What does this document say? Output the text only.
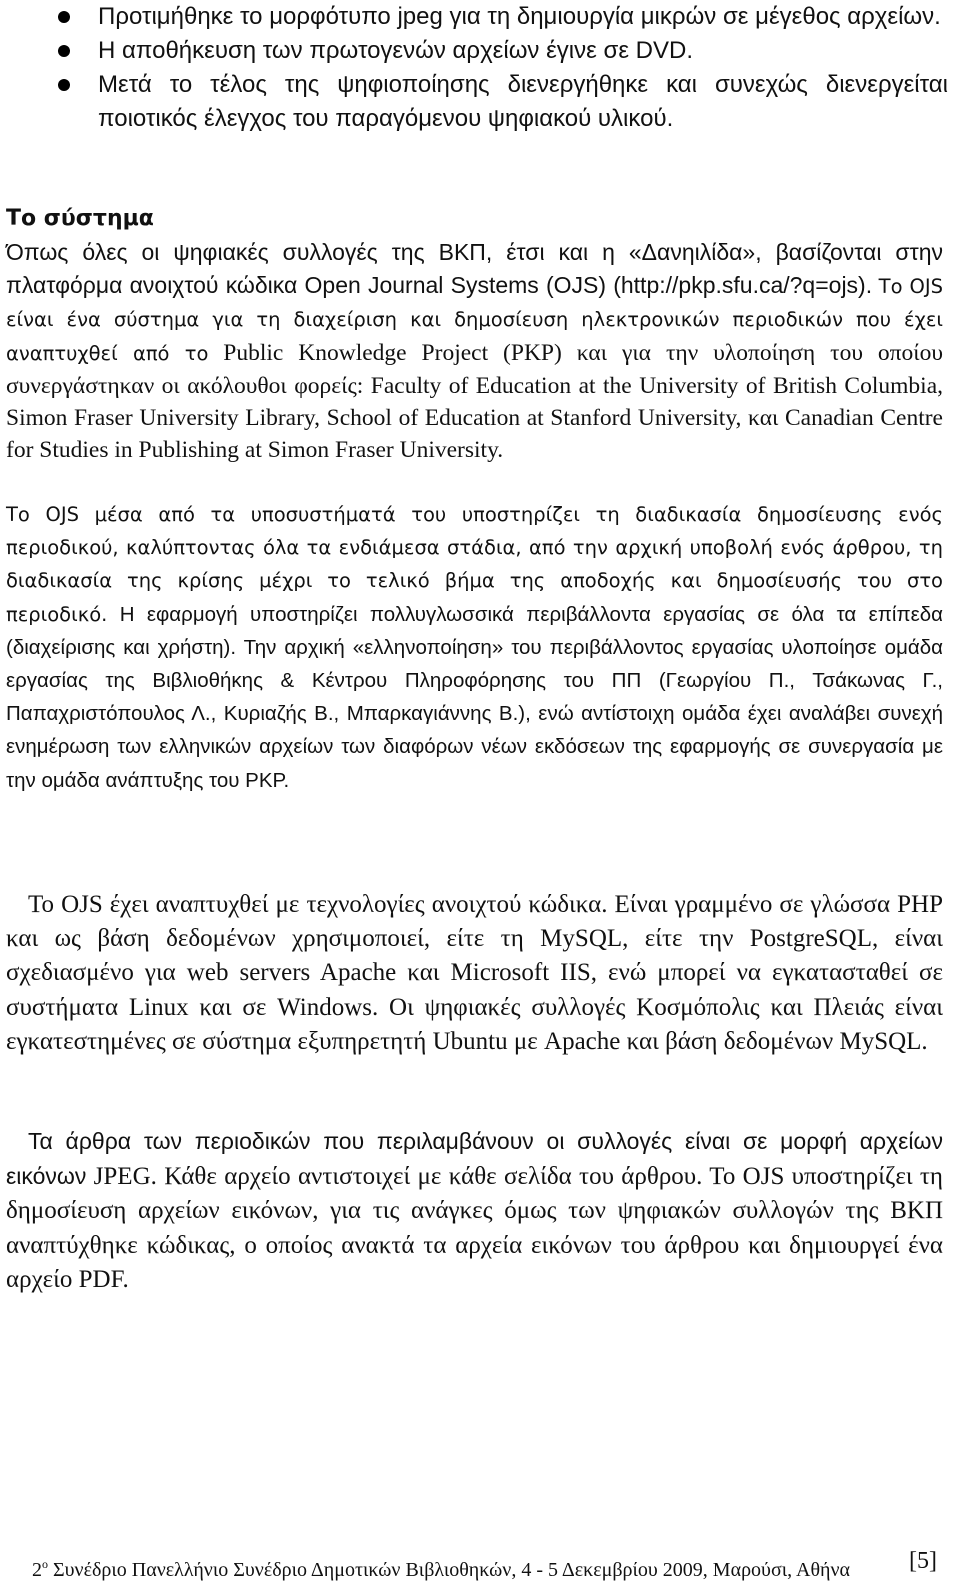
Προτιμήθηκε το μορφότυπο jpeg για τη δημιουργία μικρών σε μέγεθος αρχείων.
Η αποθήκευση των πρωτογενών αρχείων έγινε σε DVD.
Μετά το τέλος της ψηφιοποίησης διενεργήθηκε και συνεχώς διενεργείται ποιοτικός έλεγχος του παραγόμενου ψηφιακού υλικού.
Το σύστημα

Όπως όλες οι ψηφιακές συλλογές της ΒΚΠ, έτσι και η «Δανηιλίδα», βασίζονται στην πλατφόρμα ανοιχτού κώδικα Open Journal Systems (OJS) (http://pkp.sfu.ca/?q=ojs). Το OJS είναι ένα σύστημα για τη διαχείριση και δημοσίευση ηλεκτρονικών περιοδικών που έχει αναπτυχθεί από το Public Knowledge Project (PKP) και για την υλοποίηση του οποίου συνεργάστηκαν οι ακόλουθοι φορείς: Faculty of Education at the University of British Columbia, Simon Fraser University Library, School of Education at Stanford University, και Canadian Centre for Studies in Publishing at Simon Fraser University.

Το OJS μέσα από τα υποσυστήματά του υποστηρίζει τη διαδικασία δημοσίευσης ενός περιοδικού, καλύπτοντας όλα τα ενδιάμεσα στάδια, από την αρχική υποβολή ενός άρθρου, τη διαδικασία της κρίσης μέχρι το τελικό βήμα της αποδοχής και δημοσίευσής του στο περιοδικό. Η εφαρμογή υποστηρίζει πολλυγλωσσικά περιβάλλοντα εργασίας σε όλα τα επίπεδα (διαχείρισης και χρήστη). Την αρχική «ελληνοποίηση» του περιβάλλοντος εργασίας υλοποίησε ομάδα εργασίας της Βιβλιοθήκης & Κέντρου Πληροφόρησης του ΠΠ (Γεωργίου Π., Τσάκωνας Γ., Παπαχριστόπουλος Λ., Κυριαζής Β., Μπαρκαγιάννης Β.), ενώ αντίστοιχη ομάδα έχει αναλάβει συνεχή ενημέρωση των ελληνικών αρχείων των διαφόρων νέων εκδόσεων της εφαρμογής σε συνεργασία με την ομάδα ανάπτυξης του PKP.

Το OJS έχει αναπτυχθεί με τεχνολογίες ανοιχτού κώδικα. Είναι γραμμένο σε γλώσσα PHP και ως βάση δεδομένων χρησιμοποιεί, είτε τη MySQL, είτε την PostgreSQL, είναι σχεδιασμένο για web servers Apache και Microsoft IIS, ενώ μπορεί να εγκατασταθεί σε συστήματα Linux και σε Windows. Οι ψηφιακές συλλογές Κοσμόπολις και Πλειάς είναι εγκατεστημένες σε σύστημα εξυπηρετητή Ubuntu με Apache και βάση δεδομένων MySQL.

Τα άρθρα των περιοδικών που περιλαμβάνουν οι συλλογές είναι σε μορφή αρχείων εικόνων JPEG. Κάθε αρχείο αντιστοιχεί με κάθε σελίδα του άρθρου. Το OJS υποστηρίζει τη δημοσίευση αρχείων εικόνων, για τις ανάγκες όμως των ψηφιακών συλλογών της ΒΚΠ αναπτύχθηκε κώδικας, ο οποίος ανακτά τα αρχεία εικόνων του άρθρου και δημιουργεί ένα αρχείο PDF.

$2^o$ Συνέδριο Πανελλήνιο Συνέδριο Δημοτικών Βιβλιοθηκών, 4 - 5 Δεκεμβρίου 2009, Μαρούσι, Αθήνα [5]
